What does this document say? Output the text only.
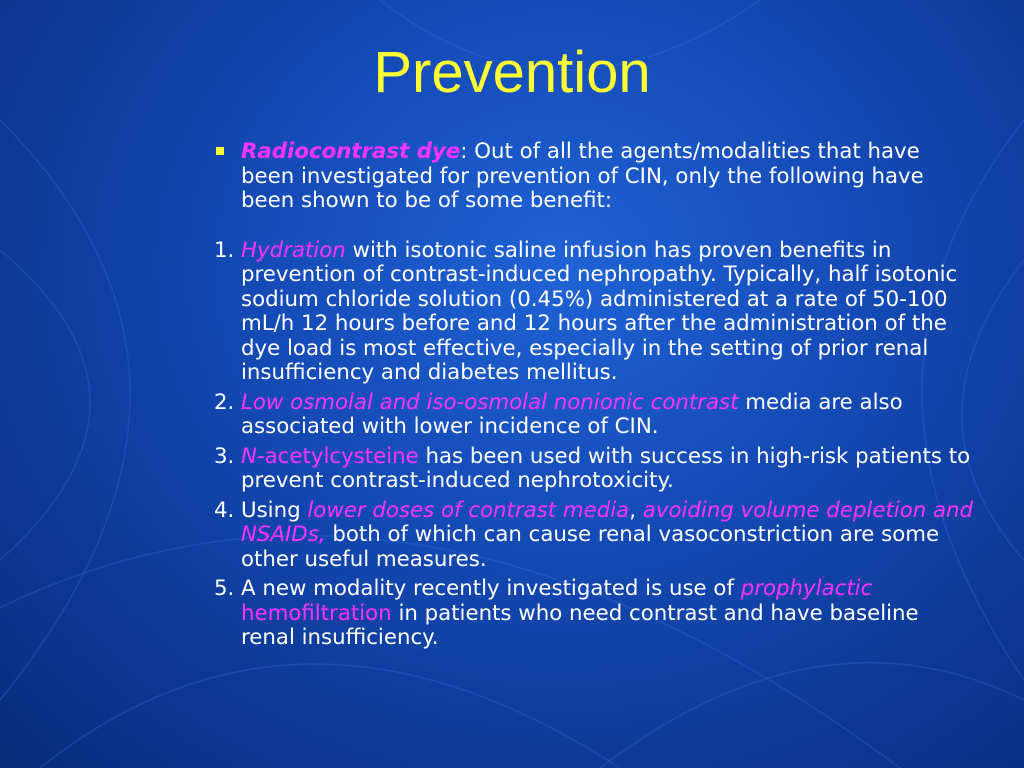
Prevention

Radiocontrast dye: Out of all the agents/modalities that have been investigated for prevention of CIN, only the following have been shown to be of some benefit:

1. Hydration with isotonic saline infusion has proven benefits in prevention of contrast-induced nephropathy. Typically, half isotonic sodium chloride solution (0.45%) administered at a rate of 50-100 mL/h 12 hours before and 12 hours after the administration of the dye load is most effective, especially in the setting of prior renal insufficiency and diabetes mellitus.

2. Low osmolal and iso-osmolal nonionic contrast media are also associated with lower incidence of CIN.

3. N-acetylcysteine has been used with success in high-risk patients to prevent contrast-induced nephrotoxicity.

4. Using lower doses of contrast media, avoiding volume depletion and NSAIDs, both of which can cause renal vasoconstriction are some other useful measures.

5. A new modality recently investigated is use of prophylactic hemofiltration in patients who need contrast and have baseline renal insufficiency.
